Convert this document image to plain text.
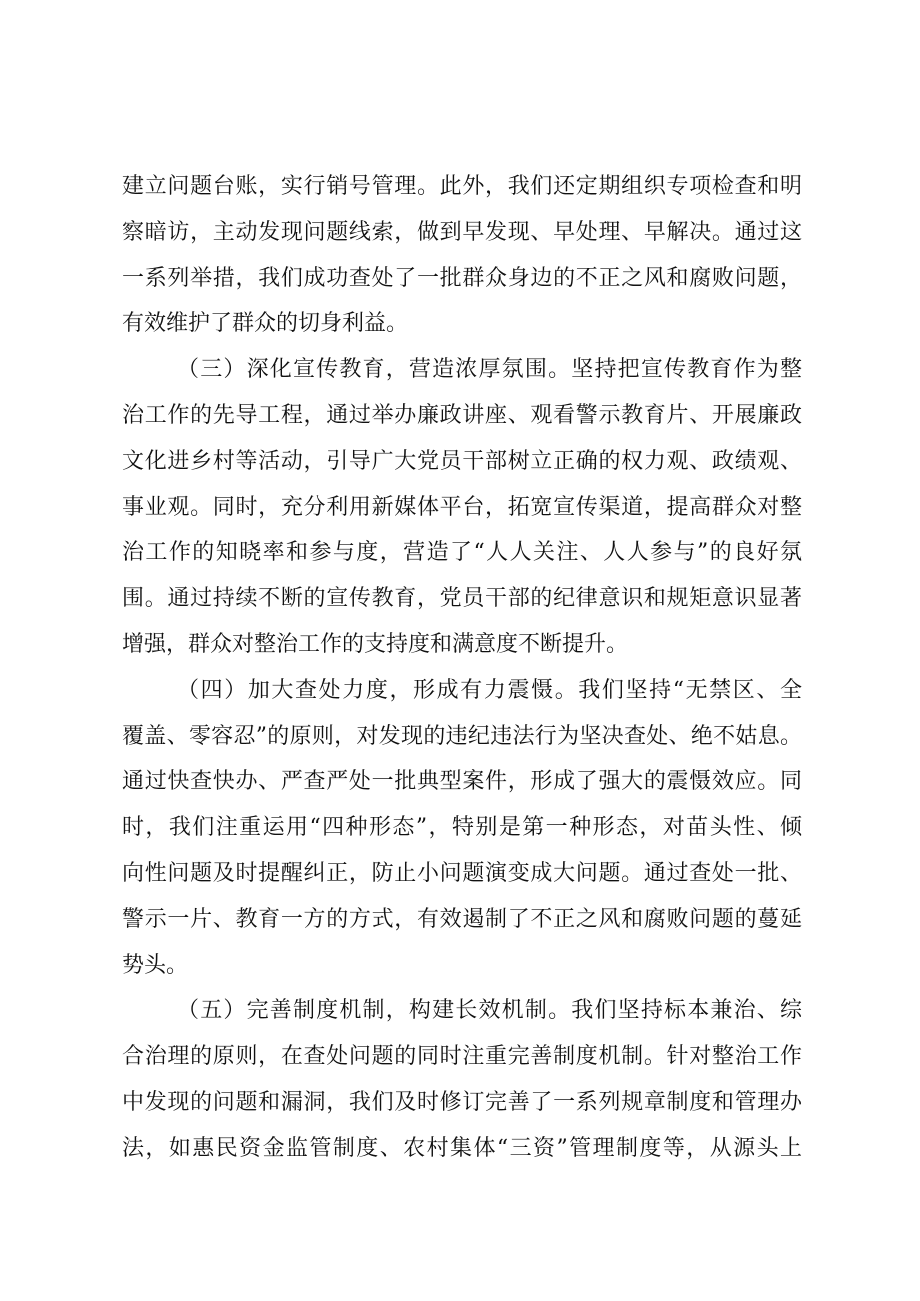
建立问题台账，实行销号管理。此外，我们还定期组织专项检查和明
察暗访，主动发现问题线索，做到早发现、早处理、早解决。通过这
一系列举措，我们成功查处了一批群众身边的不正之风和腐败问题，
有效维护了群众的切身利益。
（三）深化宣传教育，营造浓厚氛围。坚持把宣传教育作为整
治工作的先导工程，通过举办廉政讲座、观看警示教育片、开展廉政
文化进乡村等活动，引导广大党员干部树立正确的权力观、政绩观、
事业观。同时，充分利用新媒体平台，拓宽宣传渠道，提高群众对整
治工作的知晓率和参与度，营造了“人人关注、人人参与”的良好氛
围。通过持续不断的宣传教育，党员干部的纪律意识和规矩意识显著
增强，群众对整治工作的支持度和满意度不断提升。
（四）加大查处力度，形成有力震慑。我们坚持“无禁区、全
覆盖、零容忍”的原则，对发现的违纪违法行为坚决查处、绝不姑息。
通过快查快办、严查严处一批典型案件，形成了强大的震慑效应。同
时，我们注重运用“四种形态”，特别是第一种形态，对苗头性、倾
向性问题及时提醒纠正，防止小问题演变成大问题。通过查处一批、
警示一片、教育一方的方式，有效遏制了不正之风和腐败问题的蔓延
势头。
（五）完善制度机制，构建长效机制。我们坚持标本兼治、综
合治理的原则，在查处问题的同时注重完善制度机制。针对整治工作
中发现的问题和漏洞，我们及时修订完善了一系列规章制度和管理办
法，如惠民资金监管制度、农村集体“三资”管理制度等，从源头上
